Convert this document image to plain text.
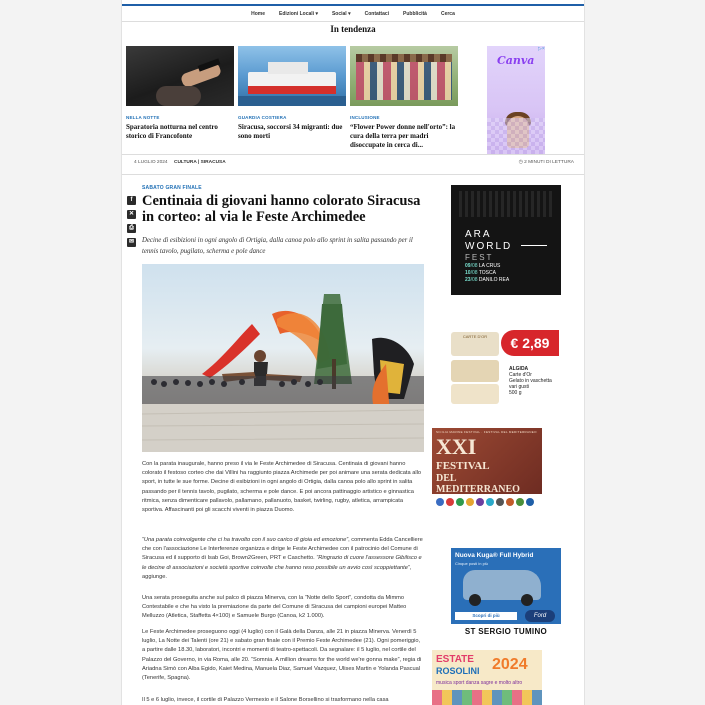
Home	Edizioni Locali ▾	Social ▾	Contattaci	Pubblicità	Cerca
In tendenza
NELLA NOTTE
Sparatoria notturna nel centro storico di Francofonte
GUARDIA COSTIERA
Siracusa, soccorsi 34 migranti: due sono morti
INCLUSIONE
“Flower Power donne nell'orto”: la cura della terra per madri disoccupate in cerca di...
Canva
▷×
4 LUGLIO 2024 CULTURA | SIRACUSA	◷ 2 MINUTI DI LETTURA
f
✕
⎙
✉
SABATO GRAN FINALE
Centinaia di giovani hanno colorato Siracusa in corteo: al via le Feste Archimedee
Decine di esibizioni in ogni angolo di Ortigia, dalla canoa polo allo sprint in salita passando per il tennis tavolo, pugilato, scherma e pole dance

Con la parata inaugurale, hanno preso il via le Feste Archimedee di Siracusa. Centinaia di giovani hanno colorato il festoso corteo che dai Villini ha raggiunto piazza Archimede per poi animare una serata dedicata allo sport, in tutte le sue forme. Decine di esibizioni in ogni angolo di Ortigia, dalla canoa polo allo sprint in salita passando per il tennis tavolo, pugilato, scherma e pole dance. E poi ancora pattinaggio artistico e ginnastica ritmica, senza dimenticare pallavolo, pallamano, pallanuoto, basket, twirling, rugby, atletica, arrampicata sportiva. Affascinanti poi gli scacchi viventi in piazza Duomo.

“Una parata coinvolgente che ci ha travolto con il suo carico di gioia ed emozione”, commenta Edda Cancelliere che con l'associazione Le Interferenze organizza e dirige le Feste Archimedee con il patrocinio del Comune di Siracusa ed il supporto di Isab Goi, Brown2Green, PRT e Caschetto. “Ringrazio di cuore l'assessore Gibilisco e le decine di associazioni e società sportive coinvolte che hanno reso possibile un avvio così scoppiettante”, aggiunge.

Una serata proseguita anche sul palco di piazza Minerva, con la “Notte dello Sport”, condotta da Mimmo Contestabile e che ha visto la premiazione da parte del Comune di Siracusa dei campioni europei Matteo Melluzzo (Atletica, Staffetta 4×100) e Samuele Burgo (Canoa, k2 1.000).

Le Feste Archimedee proseguono oggi (4 luglio) con il Galà della Danza, alle 21 in piazza Minerva. Venerdì 5 luglio, La Notte dei Talenti (ore 21) e sabato gran finale con il Premio Feste Archimedee (21). Ogni pomeriggio, a partire dalle 18.30, laboratori, incontri e momenti di teatro-spettacoli. Da segnalare: il 5 luglio, nel cortile del Palazzo del Governo, in via Roma, alle 20. “Somnia. A million dreams for the world we're gonna make”, regia di Ariadna Simò con Alba Egido, Kaiet Medina, Manuela Diaz, Samuel Vazquez, Ulises Martin e Yolanda Pascual (Tenerife, Spagna).

Il 5 e 6 luglio, invece, il cortile di Palazzo Vermexio e il Salone Borsellino si trasformano nella casa

ARA
WORLD
FEST
09/08 LA CRUS
10/08 TOSCA
23/08 DANILO REA
CARTE D'OR	€ 2,89
ALGIDA
Carte d'Or
Gelato in vaschetta vari gusti
500 g
SICILIA MARINE FESTIVAL · FESTIVAL DEL MEDITERRANEO
XXI
FESTIVAL
DEL MEDITERRANEO
Nuova Kuga® Full Hybrid
Cinque posti in più
Scopri di più	Ford
ST SERGIO TUMINO
ESTATE
ROSOLINI 2024
musica sport danza sagre e molto altro
